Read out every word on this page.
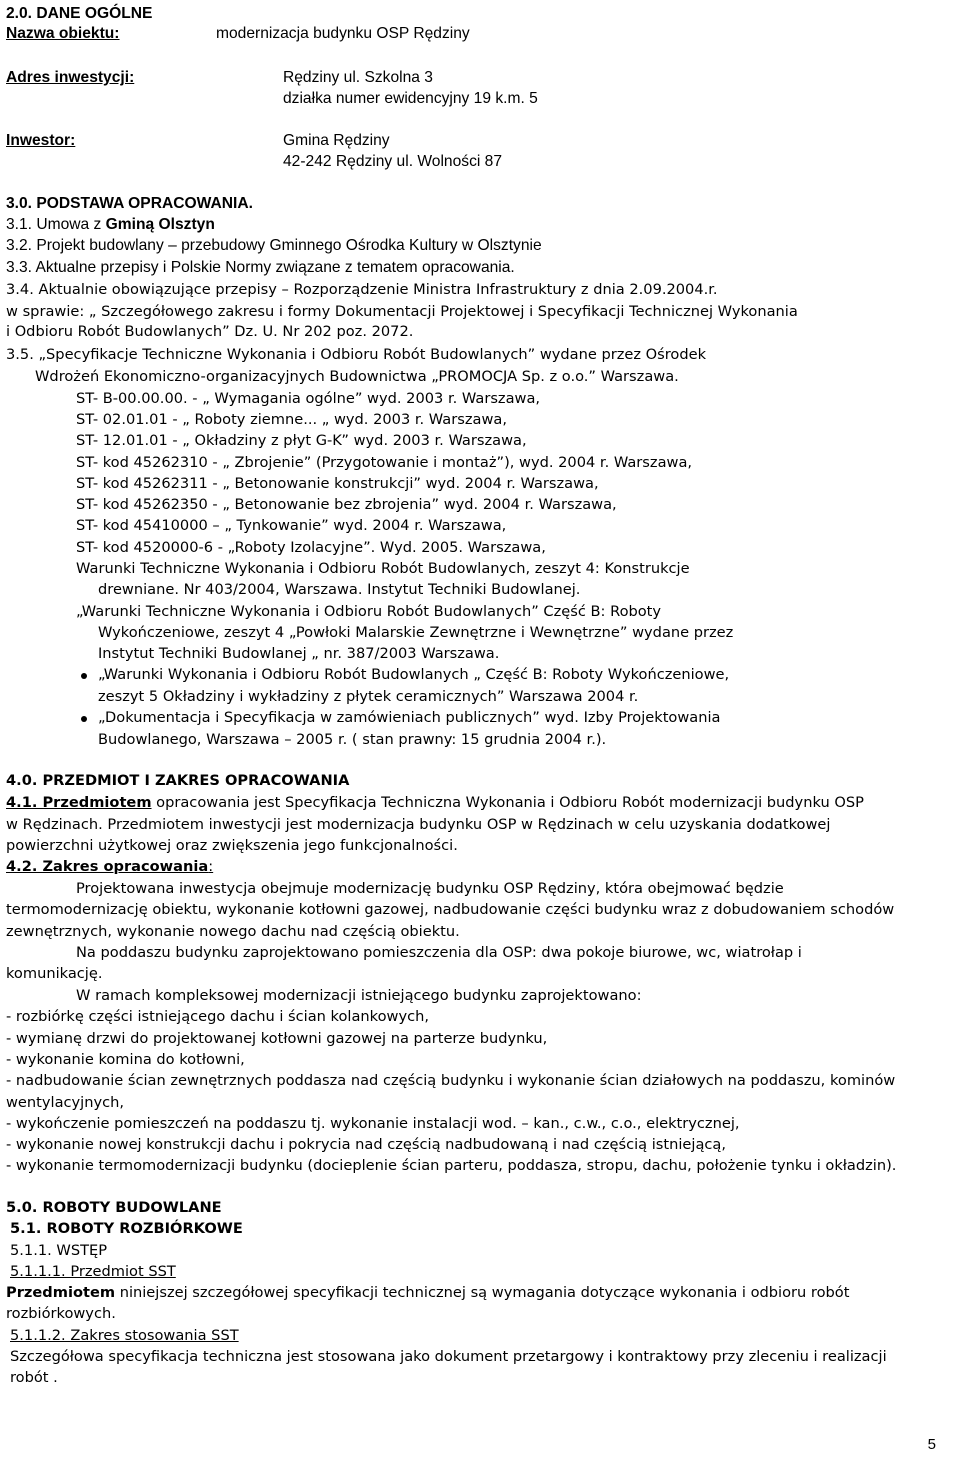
2.0. DANE OGÓLNE
Nazwa obiektu:	modernizacja budynku OSP Rędziny
Adres inwestycji:	Rędziny ul. Szkolna 3
działka numer ewidencyjny 19 k.m. 5
Inwestor:	Gmina Rędziny
42-242 Rędziny ul. Wolności 87
3.0. PODSTAWA OPRACOWANIA.
3.1. Umowa z Gminą Olsztyn
3.2. Projekt budowlany – przebudowy Gminnego Ośrodka Kultury w Olsztynie
3.3. Aktualne przepisy i Polskie Normy związane z tematem opracowania.
3.4. Aktualnie obowiązujące przepisy – Rozporządzenie Ministra Infrastruktury z dnia 2.09.2004.r.
w sprawie: „ Szczegółowego zakresu i formy Dokumentacji Projektowej i Specyfikacji Technicznej Wykonania
i Odbioru Robót Budowlanych” Dz. U. Nr 202 poz. 2072.
3.5. „Specyfikacje Techniczne Wykonania i Odbioru Robót Budowlanych” wydane przez Ośrodek
Wdrożeń Ekonomiczno-organizacyjnych Budownictwa „PROMOCJA Sp. z o.o.” Warszawa.
ST- B-00.00.00. - „ Wymagania ogólne” wyd. 2003 r. Warszawa,
ST- 02.01.01 - „ Roboty ziemne... „ wyd. 2003 r. Warszawa,
ST- 12.01.01 - „ Okładziny z płyt G-K” wyd. 2003 r. Warszawa,
ST- kod 45262310 - „ Zbrojenie” (Przygotowanie i montaż”), wyd. 2004 r. Warszawa,
ST- kod 45262311 - „ Betonowanie konstrukcji” wyd. 2004 r. Warszawa,
ST- kod 45262350 - „ Betonowanie bez zbrojenia” wyd. 2004 r. Warszawa,
ST- kod 45410000 – „ Tynkowanie” wyd. 2004 r. Warszawa,
ST- kod 4520000-6 - „Roboty Izolacyjne”. Wyd. 2005. Warszawa,
Warunki Techniczne Wykonania i Odbioru Robót Budowlanych, zeszyt 4: Konstrukcje
drewniane. Nr 403/2004, Warszawa. Instytut Techniki Budowlanej.
„Warunki Techniczne Wykonania i Odbioru Robót Budowlanych” Część B: Roboty
Wykończeniowe, zeszyt 4 „Powłoki Malarskie Zewnętrzne i Wewnętrzne” wydane przez
Instytut Techniki Budowlanej „ nr. 387/2003 Warszawa.
„Warunki Wykonania i Odbioru Robót Budowlanych „ Część B: Roboty Wykończeniowe,
zeszyt 5 Okładziny i wykładziny z płytek ceramicznych” Warszawa 2004 r.
„Dokumentacja i Specyfikacja w zamówieniach publicznych” wyd. Izby Projektowania
Budowlanego, Warszawa – 2005 r. ( stan prawny: 15 grudnia 2004 r.).
4.0. PRZEDMIOT I ZAKRES OPRACOWANIA
4.1. Przedmiotem opracowania jest Specyfikacja Techniczna Wykonania i Odbioru Robót modernizacji budynku OSP
w Rędzinach. Przedmiotem inwestycji jest modernizacja budynku OSP w Rędzinach w celu uzyskania dodatkowej
powierzchni użytkowej oraz zwiększenia jego funkcjonalności.
4.2. Zakres opracowania:
Projektowana inwestycja obejmuje modernizację budynku OSP Rędziny, która obejmować będzie
termomodernizację obiektu, wykonanie kotłowni gazowej, nadbudowanie części budynku wraz z dobudowaniem schodów
zewnętrznych, wykonanie nowego dachu nad częścią obiektu.
Na poddaszu budynku zaprojektowano pomieszczenia dla OSP: dwa pokoje biurowe, wc, wiatrołap i
komunikację.
W ramach kompleksowej modernizacji istniejącego budynku zaprojektowano:
- rozbiórkę części istniejącego dachu i ścian kolankowych,
- wymianę drzwi do projektowanej kotłowni gazowej na parterze budynku,
- wykonanie komina do kotłowni,
- nadbudowanie ścian zewnętrznych poddasza nad częścią budynku i wykonanie ścian działowych na poddaszu, kominów
wentylacyjnych,
- wykończenie pomieszczeń na poddaszu tj. wykonanie instalacji wod. – kan., c.w., c.o., elektrycznej,
- wykonanie nowej konstrukcji dachu i pokrycia nad częścią nadbudowaną i nad częścią istniejącą,
- wykonanie termomodernizacji budynku (docieplenie ścian parteru, poddasza, stropu, dachu, położenie tynku i okładzin).
5.0. ROBOTY BUDOWLANE
5.1. ROBOTY ROZBIÓRKOWE
5.1.1. WSTĘP
5.1.1.1. Przedmiot SST
Przedmiotem niniejszej szczegółowej specyfikacji technicznej są wymagania dotyczące wykonania i odbioru robót
rozbiórkowych.
5.1.1.2. Zakres stosowania SST
Szczegółowa specyfikacja techniczna jest stosowana jako dokument przetargowy i kontraktowy przy zleceniu i realizacji
robót .
5
